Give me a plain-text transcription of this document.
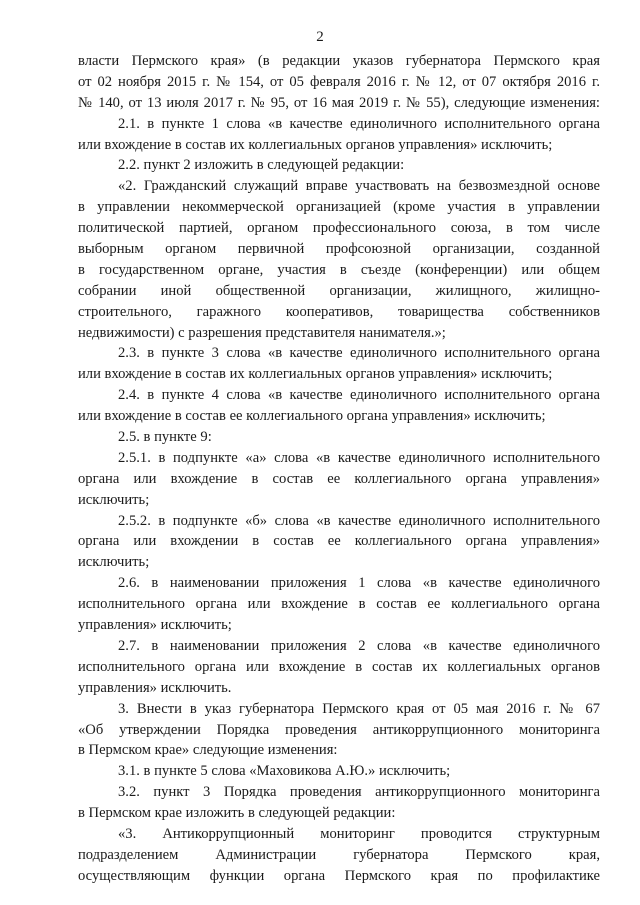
2
власти Пермского края» (в редакции указов губернатора Пермского края
от 02 ноября 2015 г. № 154, от 05 февраля 2016 г. № 12, от 07 октября 2016 г.
№ 140, от 13 июля 2017 г. № 95, от 16 мая 2019 г. № 55), следующие изменения:
2.1. в пункте 1 слова «в качестве единоличного исполнительного органа
или вхождение в состав их коллегиальных органов управления» исключить;
2.2. пункт 2 изложить в следующей редакции:
«2. Гражданский служащий вправе участвовать на безвозмездной основе
в управлении некоммерческой организацией (кроме участия в управлении
политической партией, органом профессионального союза, в том числе
выборным органом первичной профсоюзной организации, созданной
в государственном органе, участия в съезде (конференции) или общем
собрании иной общественной организации, жилищного, жилищно-
строительного, гаражного кооперативов, товарищества собственников
недвижимости) с разрешения представителя нанимателя.»;
2.3. в пункте 3 слова «в качестве единоличного исполнительного органа
или вхождение в состав их коллегиальных органов управления» исключить;
2.4. в пункте 4 слова «в качестве единоличного исполнительного органа
или вхождение в состав ее коллегиального органа управления» исключить;
2.5. в пункте 9:
2.5.1. в подпункте «а» слова «в качестве единоличного исполнительного
органа или вхождение в состав ее коллегиального органа управления»
исключить;
2.5.2. в подпункте «б» слова «в качестве единоличного исполнительного
органа или вхождении в состав ее коллегиального органа управления»
исключить;
2.6. в наименовании приложения 1 слова «в качестве единоличного
исполнительного органа или вхождение в состав ее коллегиального органа
управления» исключить;
2.7. в наименовании приложения 2 слова «в качестве единоличного
исполнительного органа или вхождение в состав их коллегиальных органов
управления» исключить.
3. Внести в указ губернатора Пермского края от 05 мая 2016 г. № 67
«Об утверждении Порядка проведения антикоррупционного мониторинга
в Пермском крае» следующие изменения:
3.1. в пункте 5 слова «Маховикова А.Ю.» исключить;
3.2. пункт 3 Порядка проведения антикоррупционного мониторинга
в Пермском крае изложить в следующей редакции:
«3. Антикоррупционный мониторинг проводится структурным
подразделением Администрации губернатора Пермского края,
осуществляющим функции органа Пермского края по профилактике
